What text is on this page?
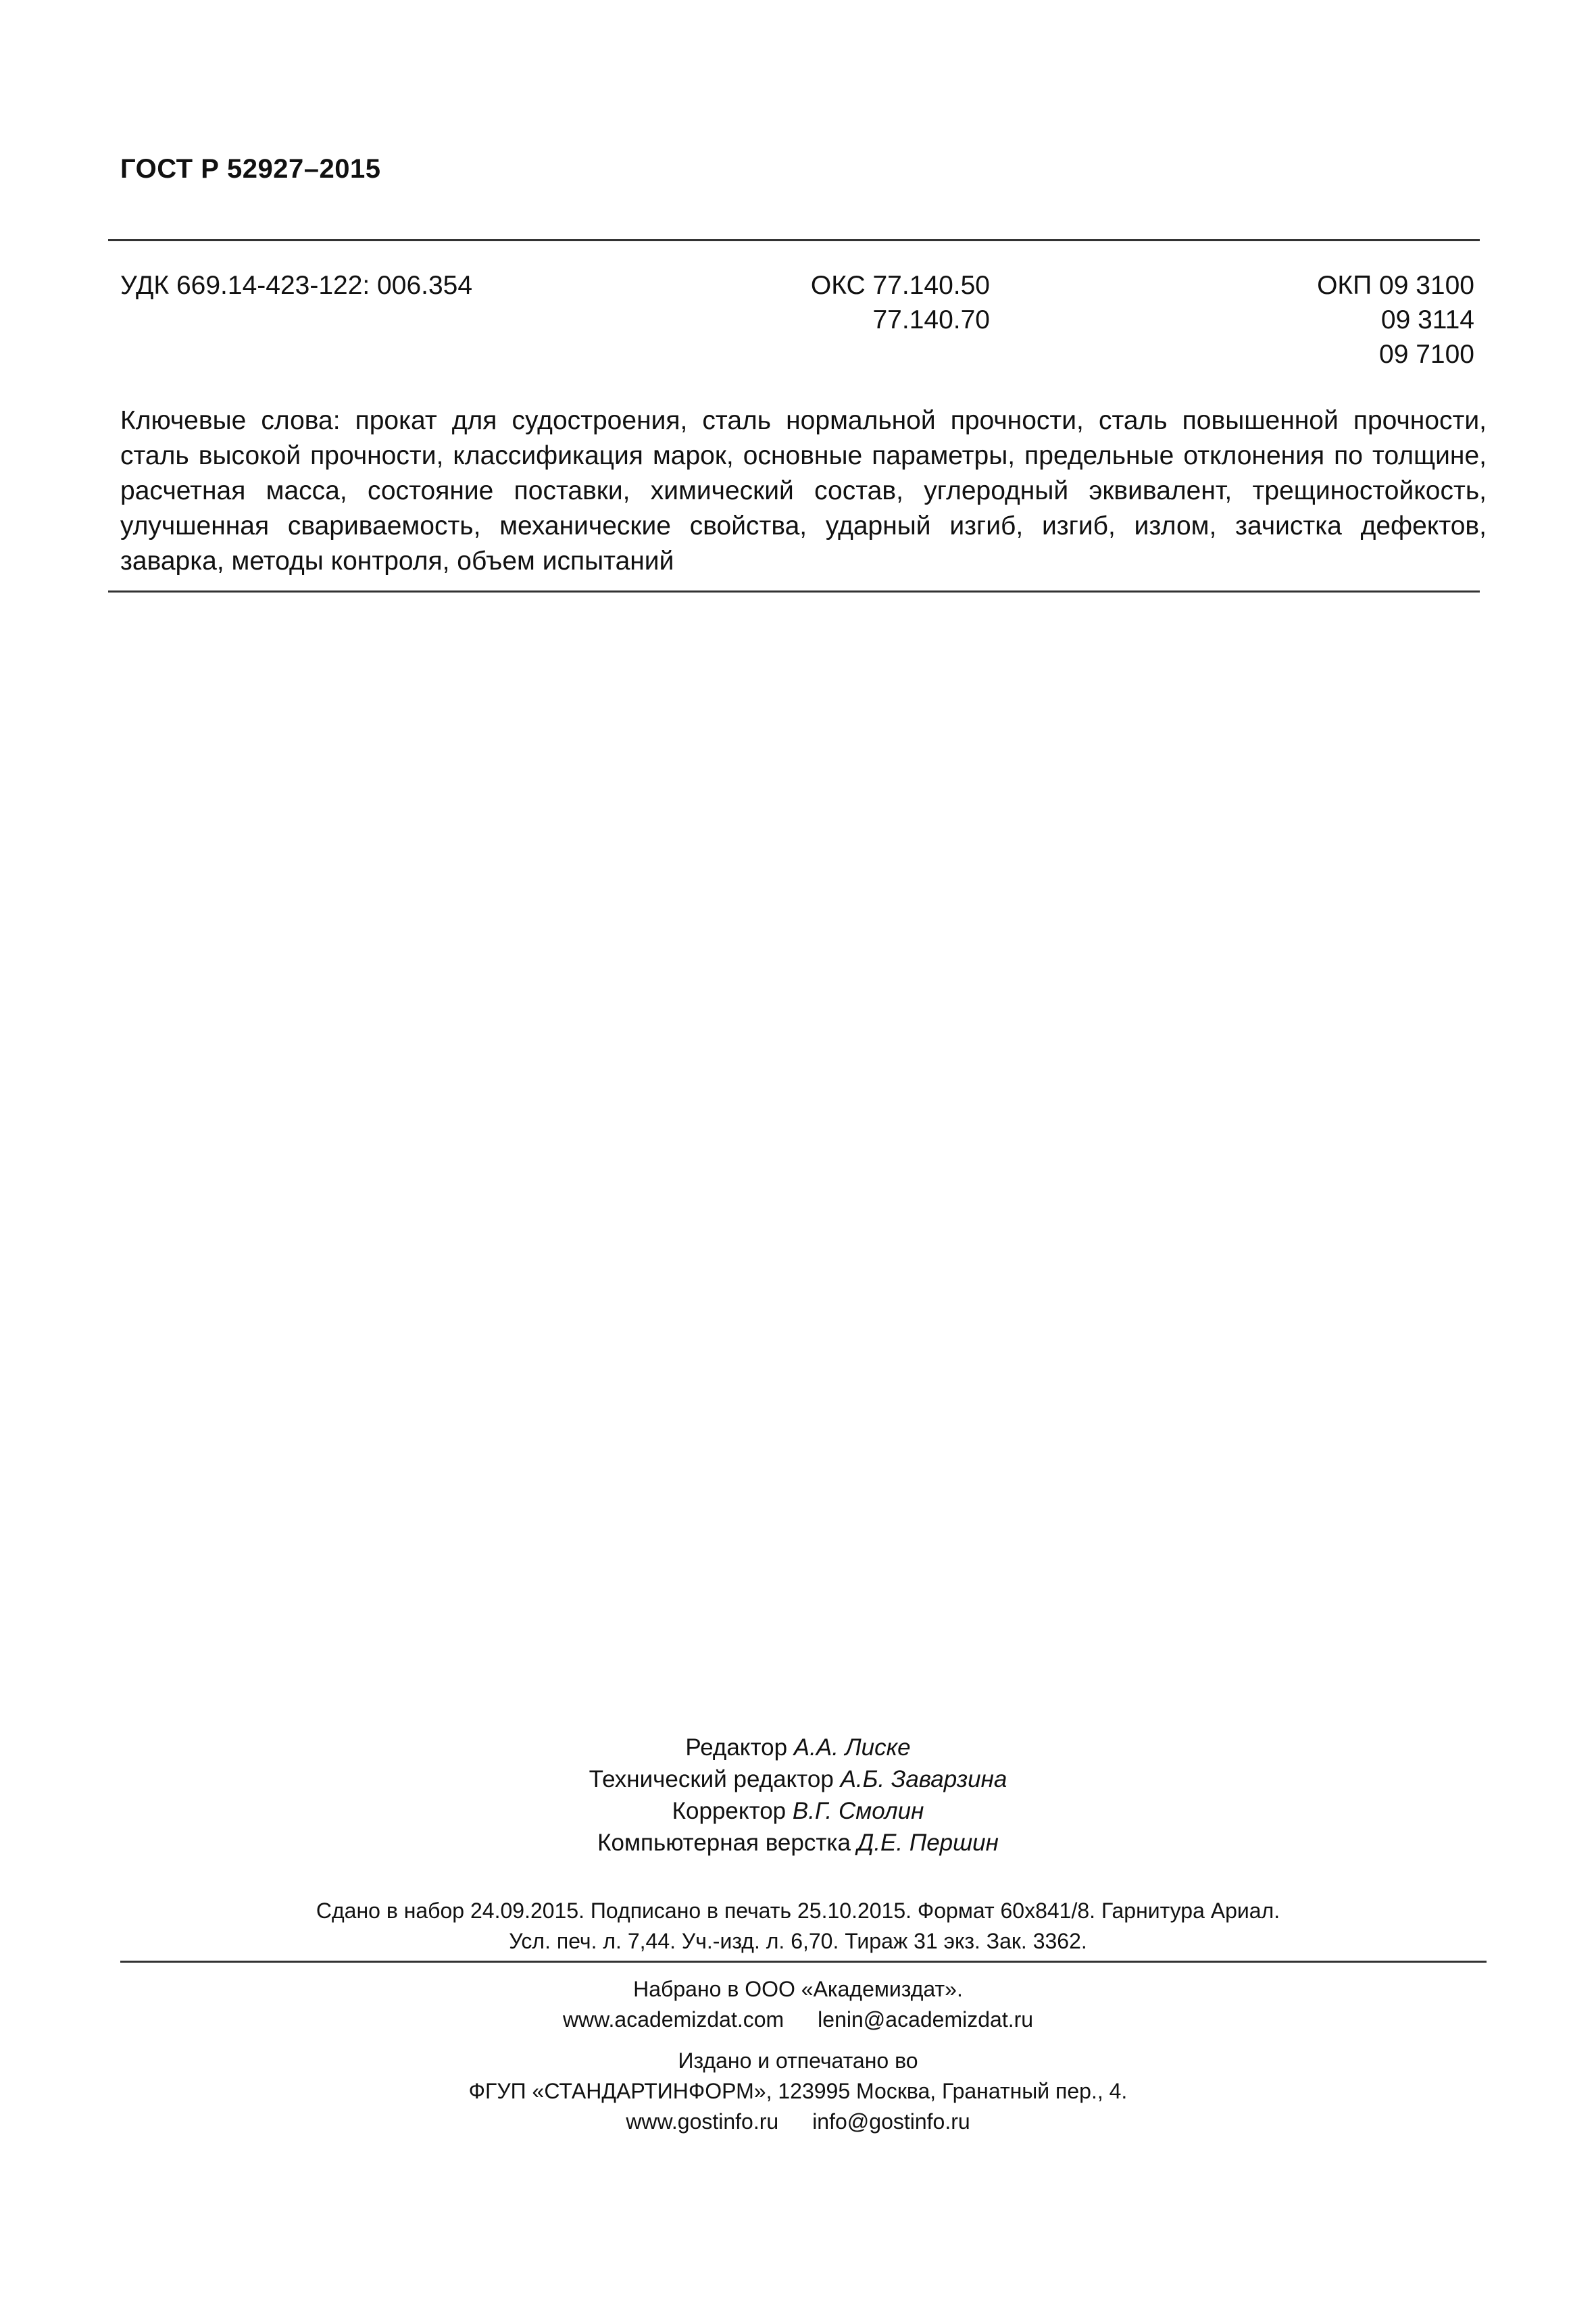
ГОСТ Р 52927–2015
УДК 669.14-423-122: 006.354	ОКС 77.140.50
77.140.70
ОКП 09 3100
09 3114
09 7100
Ключевые слова: прокат для судостроения, сталь нормальной прочности, сталь повышенной прочности, сталь высокой прочности, классификация марок, основные параметры, предельные отклонения по толщине, расчетная масса, состояние поставки, химический состав, углеродный эквивалент, трещиностойкость, улучшенная свариваемость, механические свойства, ударный изгиб, изгиб, излом, зачистка дефектов, заварка, методы контроля, объем испытаний
Редактор А.А. Лиске
Технический редактор А.Б. Заварзина
Корректор В.Г. Смолин
Компьютерная верстка Д.Е. Першин
Сдано в набор 24.09.2015. Подписано в печать 25.10.2015. Формат 60х841/8. Гарнитура Ариал.
Усл. печ. л. 7,44. Уч.-изд. л. 6,70. Тираж 31 экз. Зак. 3362.
Набрано в ООО «Академиздат».
www.academizdat.com lenin@academizdat.ru
Издано и отпечатано во
ФГУП «СТАНДАРТИНФОРМ», 123995 Москва, Гранатный пер., 4.
www.gostinfo.ru info@gostinfo.ru
